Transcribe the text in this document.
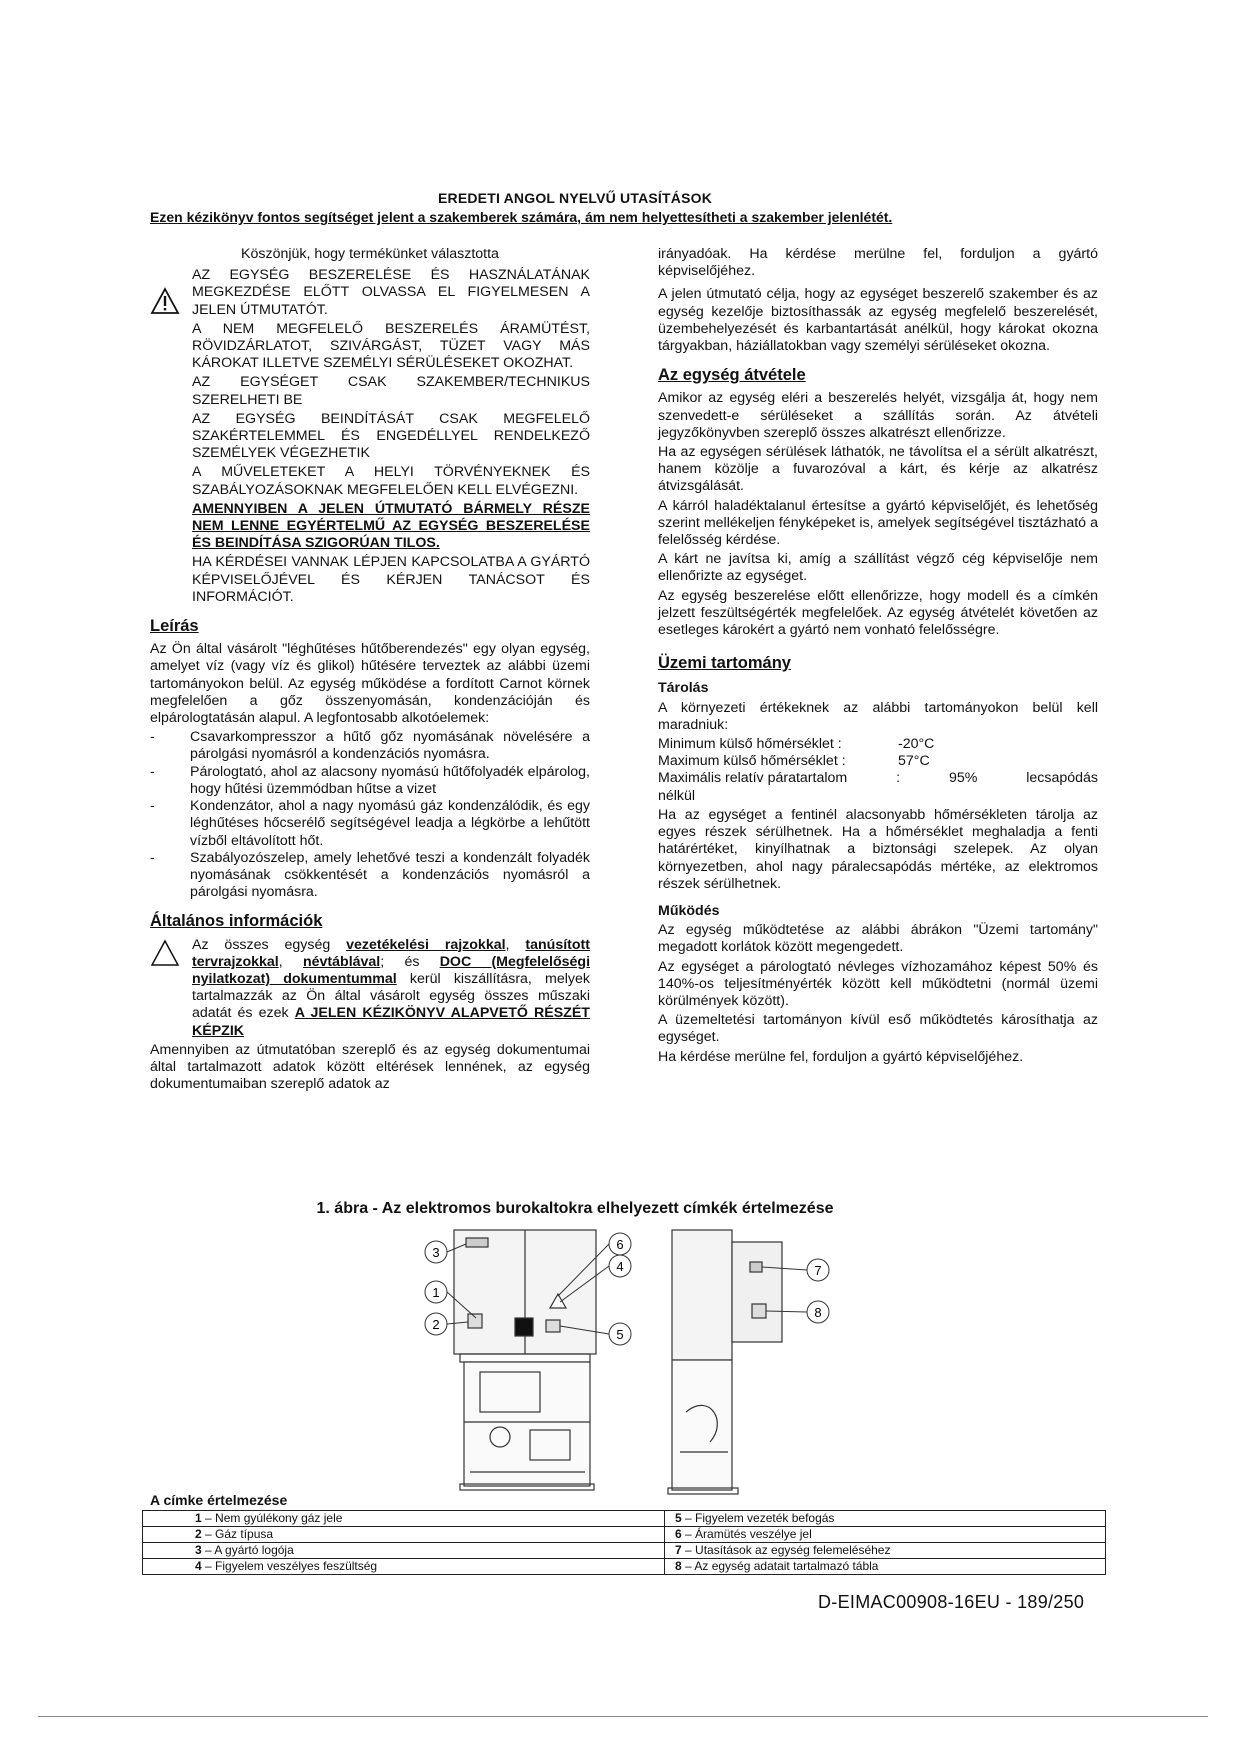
EREDETI ANGOL NYELVŰ UTASÍTÁSOK
Ezen kézikönyv fontos segítséget jelent a szakemberek számára, ám nem helyettesítheti a szakember jelenlétét.
Köszönjük, hogy termékünket választotta

AZ EGYSÉG BESZERELÉSE ÉS HASZNÁLATÁNAK MEGKEZDÉSE ELŐTT OLVASSA EL FIGYELMESEN A JELEN ÚTMUTATÓT.

A NEM MEGFELELŐ BESZERELÉS ÁRAMÜTÉST, RÖVIDZÁRLATOT, SZIVÁRGÁST, TÜZET VAGY MÁS KÁROKAT ILLETVE SZEMÉLYI SÉRÜLÉSEKET OKOZHAT.

AZ EGYSÉGET CSAK SZAKEMBER/TECHNIKUS SZERELHETI BE

AZ EGYSÉG BEINDÍTÁSÁT CSAK MEGFELELŐ SZAKÉRTELEMMEL ÉS ENGEDÉLLYEL RENDELKEZŐ SZEMÉLYEK VÉGEZHETIK

A MŰVELETEKET A HELYI TÖRVÉNYEKNEK ÉS SZABÁLYOZÁSOKNAK MEGFELELŐEN KELL ELVÉGEZNI.

AMENNYIBEN A JELEN ÚTMUTATÓ BÁRMELY RÉSZE NEM LENNE EGYÉRTELMŰ AZ EGYSÉG BESZERELÉSE ÉS BEINDÍTÁSA SZIGORÚAN TILOS.

HA KÉRDÉSEI VANNAK LÉPJEN KAPCSOLATBA A GYÁRTÓ KÉPVISELŐJÉVEL ÉS KÉRJEN TANÁCSOT ÉS INFORMÁCIÓT.

Leírás

Az Ön által vásárolt "léghűtéses hűtőberendezés" egy olyan egység, amelyet víz (vagy víz és glikol) hűtésére terveztek az alábbi üzemi tartományokon belül. Az egység működése a fordított Carnot körnek megfelelően a gőz összenyomásán, kondenzációján és elpárologtatásán alapul. A legfontosabb alkotóelemek:

- Csavarkompresszor a hűtő gőz nyomásának növelésére a párolgási nyomásról a kondenzációs nyomásra.
- Párologtató, ahol az alacsony nyomású hűtőfolyadék elpárolog, hogy hűtési üzemmódban hűtse a vizet
- Kondenzátor, ahol a nagy nyomású gáz kondenzálódik, és egy léghűtéses hőcserélő segítségével leadja a légkörbe a lehűtött vízből eltávolított hőt.
- Szabályozószelep, amely lehetővé teszi a kondenzált folyadék nyomásának csökkentését a kondenzációs nyomásról a párolgási nyomásra.
Általános információk

Az összes egység vezetékelési rajzokkal, tanúsított tervrajzokkal, névtáblával; és DOC (Megfelelőségi nyilatkozat) dokumentummal kerül kiszállításra, melyek tartalmazzák az Ön által vásárolt egység összes műszaki adatát és ezek A JELEN KÉZIKÖNYV ALAPVETŐ RÉSZÉT KÉPZIK

Amennyiben az útmutatóban szereplő és az egység dokumentumai által tartalmazott adatok között eltérések lennének, az egység dokumentumaiban szereplő adatok az

irányadóak. Ha kérdése merülne fel, forduljon a gyártó képviselőjéhez.

A jelen útmutató célja, hogy az egységet beszerelő szakember és az egység kezelője biztosíthassák az egység megfelelő beszerelését, üzembehelyezését és karbantartását anélkül, hogy károkat okozna tárgyakban, háziállatokban vagy személyi sérüléseket okozna.

Az egység átvétele

Amikor az egység eléri a beszerelés helyét, vizsgálja át, hogy nem szenvedett-e sérüléseket a szállítás során. Az átvételi jegyzőkönyvben szereplő összes alkatrészt ellenőrizze.

Ha az egységen sérülések láthatók, ne távolítsa el a sérült alkatrészt, hanem közölje a fuvarozóval a kárt, és kérje az alkatrész átvizsgálását.

A kárról haladéktalanul értesítse a gyártó képviselőjét, és lehetőség szerint mellékeljen fényképeket is, amelyek segítségével tisztázható a felelősség kérdése.

A kárt ne javítsa ki, amíg a szállítást végző cég képviselője nem ellenőrizte az egységet.

Az egység beszerelése előtt ellenőrizze, hogy modell és a címkén jelzett feszültségérték megfelelőek. Az egység átvételét követően az esetleges károkért a gyártó nem vonható felelősségre.

Üzemi tartomány
Tárolás

A környezeti értékeknek az alábbi tartományokon belül kell maradniuk:

Minimum külső hőmérséklet :	-20°C
Maximum külső hőmérséklet :	57°C
Maximális relatív páratartalom	:	95%	lecsapódás

nélkül

Ha az egységet a fentinél alacsonyabb hőmérsékleten tárolja az egyes részek sérülhetnek. Ha a hőmérséklet meghaladja a fenti határértéket, kinyílhatnak a biztonsági szelepek. Az olyan környezetben, ahol nagy páralecsapódás mértéke, az elektromos részek sérülhetnek.

Működés

Az egység működtetése az alábbi ábrákon "Üzemi tartomány" megadott korlátok között megengedett.

Az egységet a párologtató névleges vízhozamához képest 50% és 140%-os teljesítményérték között kell működtetni (normál üzemi körülmények között).

A üzemeltetési tartományon kívül eső működtetés károsíthatja az egységet.

Ha kérdése merülne fel, forduljon a gyártó képviselőjéhez.

1. ábra - Az elektromos burokaltokra elhelyezett címkék értelmezése
3
1
2
6
4
5
7
8
A címke értelmezése
1 – Nem gyúlékony gáz jele	5 – Figyelem vezeték befogás
2 – Gáz típusa	6 – Áramütés veszélye jel
3 – A gyártó logója	7 – Utasítások az egység felemeléséhez
4 – Figyelem veszélyes feszültség	8 – Az egység adatait tartalmazó tábla
D-EIMAC00908-16EU - 189/250
